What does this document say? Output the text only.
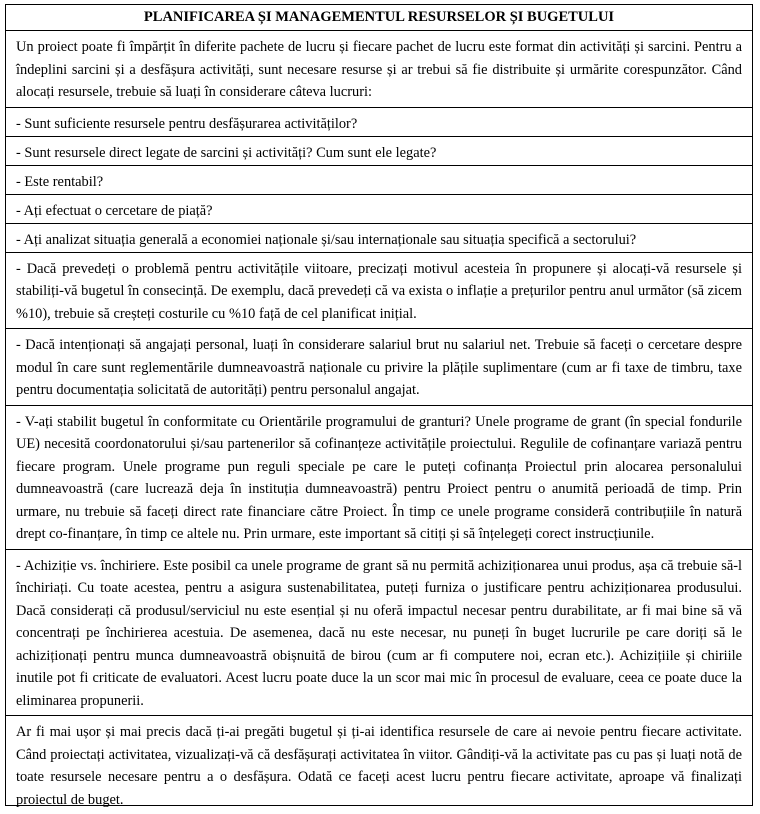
PLANIFICAREA ȘI MANAGEMENTUL RESURSELOR ȘI BUGETULUI
Un proiect poate fi împărțit în diferite pachete de lucru și fiecare pachet de lucru este format din activități și sarcini. Pentru a îndeplini sarcini și a desfășura activități, sunt necesare resurse și ar trebui să fie distribuite și urmărite corespunzător. Când alocați resursele, trebuie să luați în considerare câteva lucruri:
- Sunt suficiente resursele pentru desfășurarea activităților?
- Sunt resursele direct legate de sarcini și activități? Cum sunt ele legate?
- Este rentabil?
- Ați efectuat o cercetare de piață?
- Ați analizat situația generală a economiei naționale și/sau internaționale sau situația specifică a sectorului?
- Dacă prevedeți o problemă pentru activitățile viitoare, precizați motivul acesteia în propunere și alocați-vă resursele și stabiliți-vă bugetul în consecință. De exemplu, dacă prevedeți că va exista o inflație a prețurilor pentru anul următor (să zicem %10), trebuie să creșteți costurile cu %10 față de cel planificat inițial.
- Dacă intenționați să angajați personal, luați în considerare salariul brut nu salariul net. Trebuie să faceți o cercetare despre modul în care sunt reglementările dumneavoastră naționale cu privire la plățile suplimentare (cum ar fi taxe de timbru, taxe pentru documentația solicitată de autorități) pentru personalul angajat.
- V-ați stabilit bugetul în conformitate cu Orientările programului de granturi? Unele programe de grant (în special fondurile UE) necesită coordonatorului și/sau partenerilor să cofinanțeze activitățile proiectului. Regulile de cofinanțare variază pentru fiecare program. Unele programe pun reguli speciale pe care le puteți cofinanța Proiectul prin alocarea personalului dumneavoastră (care lucrează deja în instituția dumneavoastră) pentru Proiect pentru o anumită perioadă de timp. Prin urmare, nu trebuie să faceți direct rate financiare către Proiect. În timp ce unele programe consideră contribuțiile în natură drept co-finanțare, în timp ce altele nu. Prin urmare, este important să citiți și să înțelegeți corect instrucțiunile.
- Achiziție vs. închiriere. Este posibil ca unele programe de grant să nu permită achiziționarea unui produs, așa că trebuie să-l închiriați. Cu toate acestea, pentru a asigura sustenabilitatea, puteți furniza o justificare pentru achiziționarea produsului. Dacă considerați că produsul/serviciul nu este esențial și nu oferă impactul necesar pentru durabilitate, ar fi mai bine să vă concentrați pe închirierea acestuia. De asemenea, dacă nu este necesar, nu puneți în buget lucrurile pe care doriți să le achiziționați pentru munca dumneavoastră obișnuită de birou (cum ar fi computere noi, ecran etc.). Achizițiile și chiriile inutile pot fi criticate de evaluatori. Acest lucru poate duce la un scor mai mic în procesul de evaluare, ceea ce poate duce la eliminarea propunerii.
Ar fi mai ușor și mai precis dacă ți-ai pregăti bugetul și ți-ai identifica resursele de care ai nevoie pentru fiecare activitate. Când proiectați activitatea, vizualizați-vă că desfășurați activitatea în viitor. Gândiți-vă la activitate pas cu pas și luați notă de toate resursele necesare pentru a o desfășura. Odată ce faceți acest lucru pentru fiecare activitate, aproape vă finalizați proiectul de buget.
